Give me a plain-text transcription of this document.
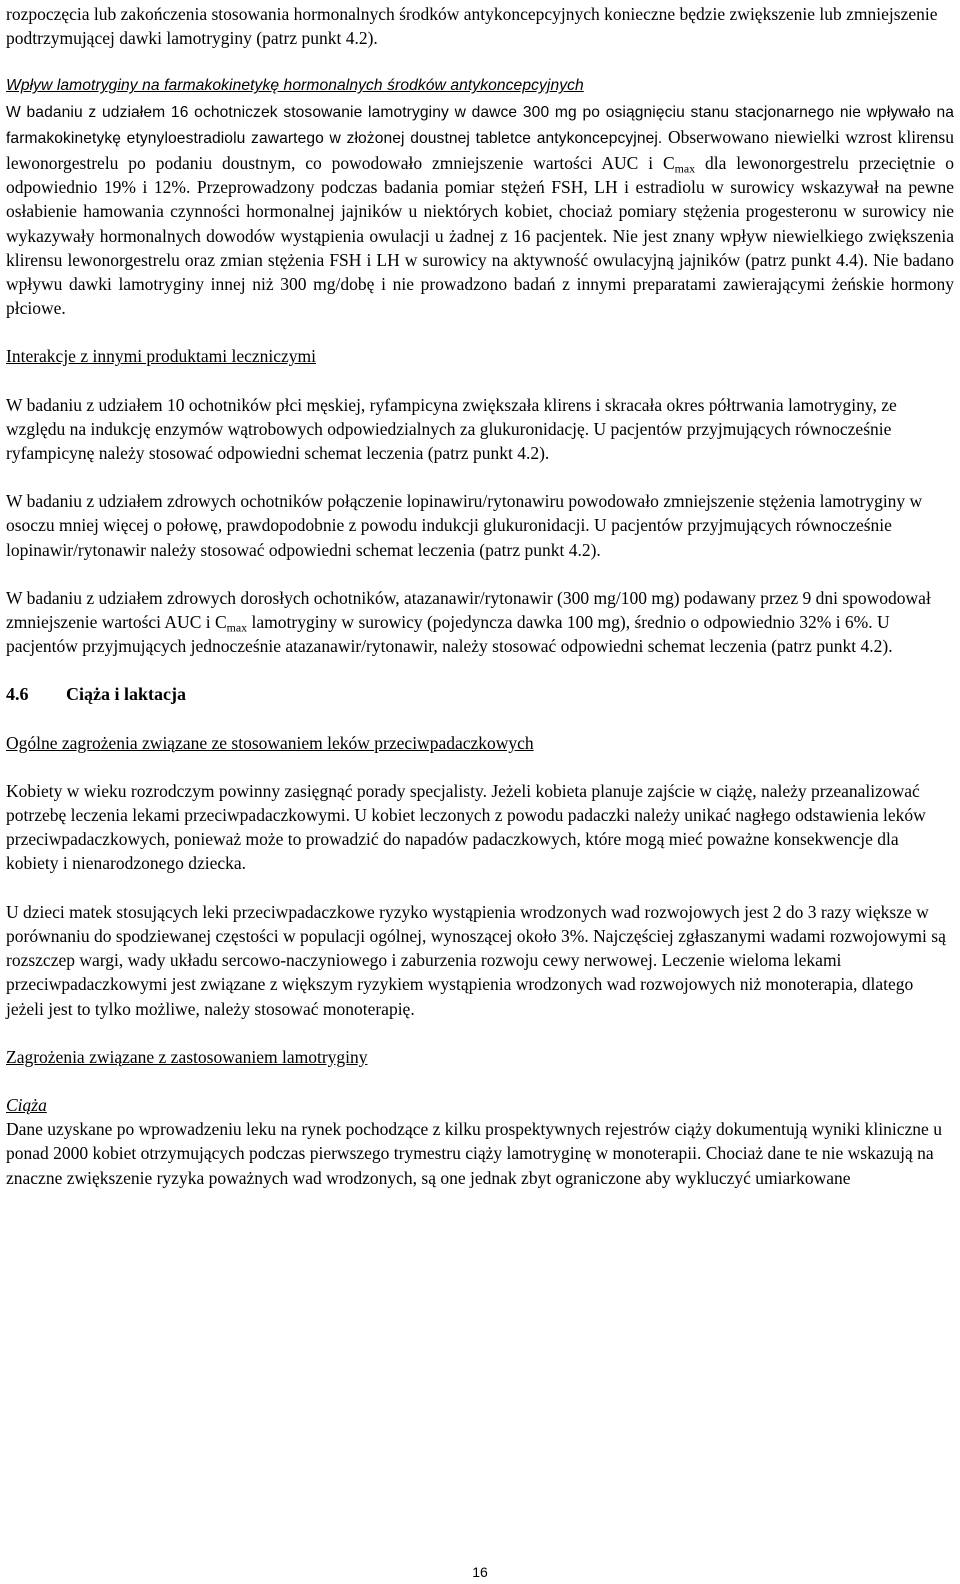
rozpoczęcia lub zakończenia stosowania hormonalnych środków antykoncepcyjnych konieczne będzie zwiększenie lub zmniejszenie podtrzymującej dawki lamotryginy (patrz punkt 4.2).

Wpływ lamotryginy na farmakokinetykę hormonalnych środków antykoncepcyjnych

W badaniu z udziałem 16 ochotniczek stosowanie lamotryginy w dawce 300 mg po osiągnięciu stanu stacjonarnego nie wpływało na farmakokinetykę etynyloestradiolu zawartego w złożonej doustnej tabletce antykoncepcyjnej. Obserwowano niewielki wzrost klirensu lewonorgestrelu po podaniu doustnym, co powodowało zmniejszenie wartości AUC i $C_{max}$ dla lewonorgestrelu przeciętnie o odpowiednio 19% i 12%. Przeprowadzony podczas badania pomiar stężeń FSH, LH i estradiolu w surowicy wskazywał na pewne osłabienie hamowania czynności hormonalnej jajników u niektórych kobiet, chociaż pomiary stężenia progesteronu w surowicy nie wykazywały hormonalnych dowodów wystąpienia owulacji u żadnej z 16 pacjentek. Nie jest znany wpływ niewielkiego zwiększenia klirensu lewonorgestrelu oraz zmian stężenia FSH i LH w surowicy na aktywność owulacyjną jajników (patrz punkt 4.4). Nie badano wpływu dawki lamotryginy innej niż 300 mg/dobę i nie prowadzono badań z innymi preparatami zawierającymi żeńskie hormony płciowe.

Interakcje z innymi produktami leczniczymi

W badaniu z udziałem 10 ochotników płci męskiej, ryfampicyna zwiększała klirens i skracała okres półtrwania lamotryginy, ze względu na indukcję enzymów wątrobowych odpowiedzialnych za glukuronidację. U pacjentów przyjmujących równocześnie ryfampicynę należy stosować odpowiedni schemat leczenia (patrz punkt 4.2).

W badaniu z udziałem zdrowych ochotników połączenie lopinawiru/rytonawiru powodowało zmniejszenie stężenia lamotryginy w osoczu mniej więcej o połowę, prawdopodobnie z powodu indukcji glukuronidacji. U pacjentów przyjmujących równocześnie lopinawir/rytonawir należy stosować odpowiedni schemat leczenia (patrz punkt 4.2).

W badaniu z udziałem zdrowych dorosłych ochotników, atazanawir/rytonawir (300 mg/100 mg) podawany przez 9 dni spowodował zmniejszenie wartości AUC i $C_{max}$ lamotryginy w surowicy (pojedyncza dawka 100 mg), średnio o odpowiednio 32% i 6%. U pacjentów przyjmujących jednocześnie atazanawir/rytonawir, należy stosować odpowiedni schemat leczenia (patrz punkt 4.2).

4.6 Ciąża i laktacja

Ogólne zagrożenia związane ze stosowaniem leków przeciwpadaczkowych

Kobiety w wieku rozrodczym powinny zasięgnąć porady specjalisty. Jeżeli kobieta planuje zajście w ciążę, należy przeanalizować potrzebę leczenia lekami przeciwpadaczkowymi. U kobiet leczonych z powodu padaczki należy unikać nagłego odstawienia leków przeciwpadaczkowych, ponieważ może to prowadzić do napadów padaczkowych, które mogą mieć poważne konsekwencje dla kobiety i nienarodzonego dziecka.

U dzieci matek stosujących leki przeciwpadaczkowe ryzyko wystąpienia wrodzonych wad rozwojowych jest 2 do 3 razy większe w porównaniu do spodziewanej częstości w populacji ogólnej, wynoszącej około 3%. Najczęściej zgłaszanymi wadami rozwojowymi są rozszczep wargi, wady układu sercowo-naczyniowego i zaburzenia rozwoju cewy nerwowej. Leczenie wieloma lekami przeciwpadaczkowymi jest związane z większym ryzykiem wystąpienia wrodzonych wad rozwojowych niż monoterapia, dlatego jeżeli jest to tylko możliwe, należy stosować monoterapię.

Zagrożenia związane z zastosowaniem lamotryginy

Ciąża

Dane uzyskane po wprowadzeniu leku na rynek pochodzące z kilku prospektywnych rejestrów ciąży dokumentują wyniki kliniczne u ponad 2000 kobiet otrzymujących podczas pierwszego trymestru ciąży lamotryginę w monoterapii. Chociaż dane te nie wskazują na znaczne zwiększenie ryzyka poważnych wad wrodzonych, są one jednak zbyt ograniczone aby wykluczyć umiarkowane

16
